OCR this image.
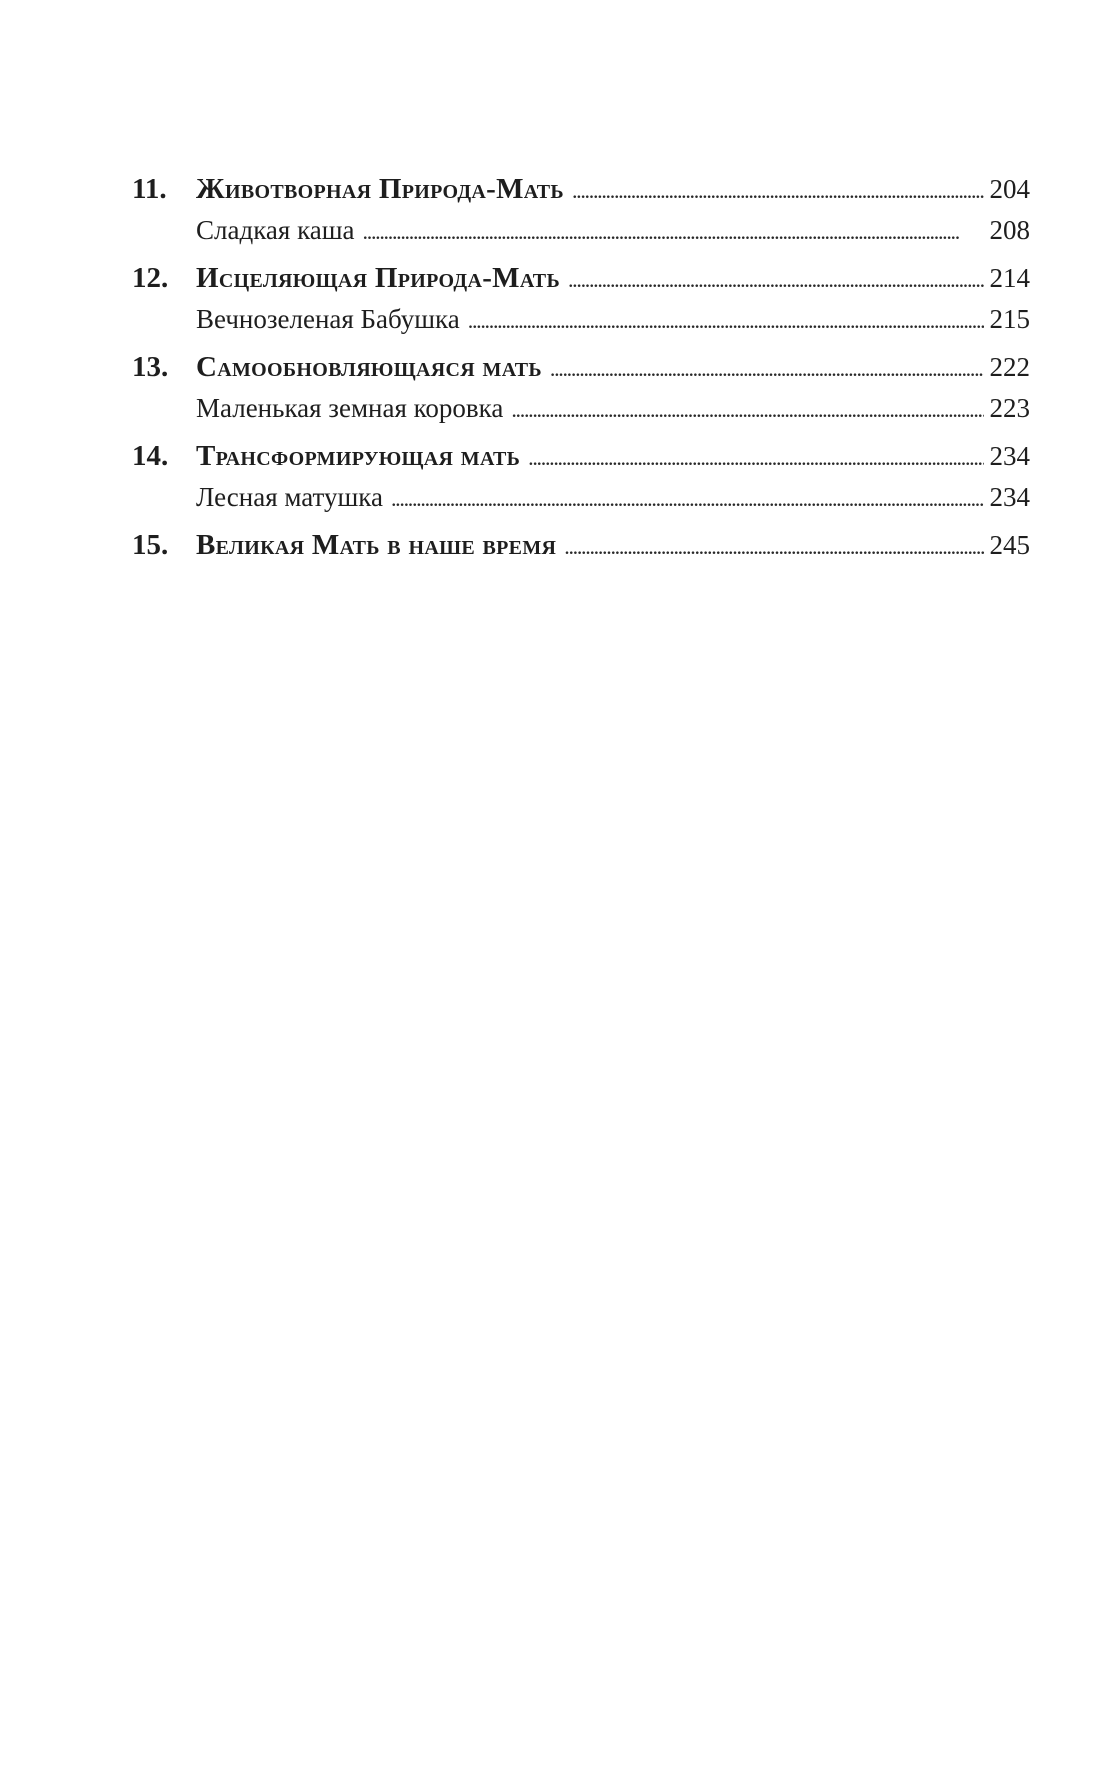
11.	Животворная Природа-Мать . . .	204
Сладкая каша . . .	208
12. Исцеляющая Природа-Мать . . .	214
Вечнозеленая Бабушка . . .	215
13. Самообновляющаяся мать . . .	222
Маленькая земная коровка . . .	223
14. Трансформирующая мать . . .	234
Лесная матушка . . .	234
15. Великая Мать в наше время . . .	245
